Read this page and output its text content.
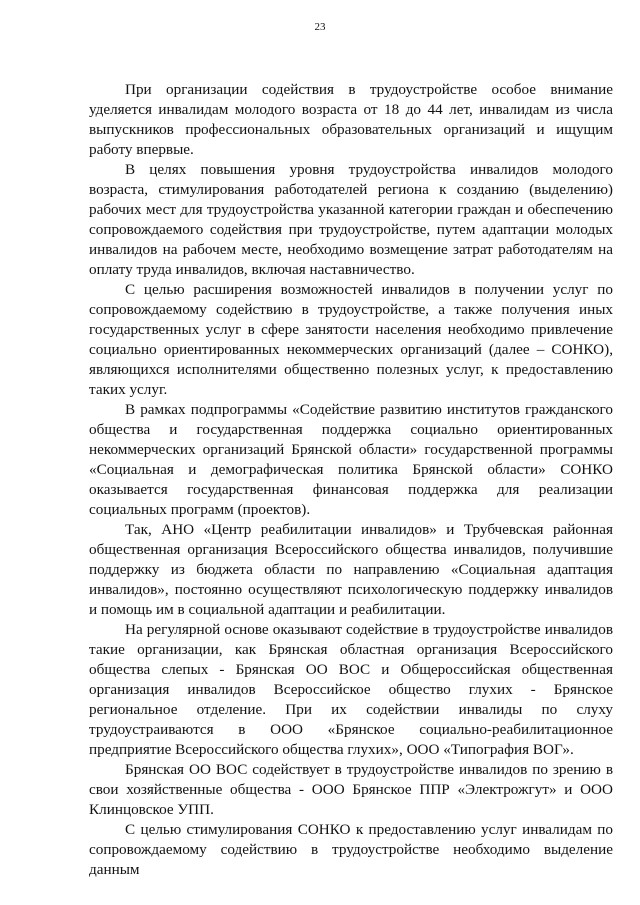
23

При организации содействия в трудоустройстве особое внимание уделяется инвалидам молодого возраста от 18 до 44 лет, инвалидам из числа выпускников профессиональных образовательных организаций и ищущим работу впервые.

В целях повышения уровня трудоустройства инвалидов молодого возраста, стимулирования работодателей региона к созданию (выделению) рабочих мест для трудоустройства указанной категории граждан и обеспечению сопровождаемого содействия при трудоустройстве, путем адаптации молодых инвалидов на рабочем месте, необходимо возмещение затрат работодателям на оплату труда инвалидов, включая наставничество.

С целью расширения возможностей инвалидов в получении услуг по сопровождаемому содействию в трудоустройстве, а также получения иных государственных услуг в сфере занятости населения необходимо привлечение социально ориентированных некоммерческих организаций (далее – СОНКО), являющихся исполнителями общественно полезных услуг, к предоставлению таких услуг.

В рамках подпрограммы «Содействие развитию институтов гражданского общества и государственная поддержка социально ориентированных некоммерческих организаций Брянской области» государственной программы «Социальная и демографическая политика Брянской области» СОНКО оказывается государственная финансовая поддержка для реализации социальных программ (проектов).

Так, АНО «Центр реабилитации инвалидов» и Трубчевская районная общественная организация Всероссийского общества инвалидов, получившие поддержку из бюджета области по направлению «Социальная адаптация инвалидов», постоянно осуществляют психологическую поддержку инвалидов и помощь им в социальной адаптации и реабилитации.

На регулярной основе оказывают содействие в трудоустройстве инвалидов такие организации, как Брянская областная организация Всероссийского общества слепых - Брянская ОО ВОС и Общероссийская общественная организация инвалидов Всероссийское общество глухих - Брянское региональное отделение. При их содействии инвалиды по слуху трудоустраиваются в ООО «Брянское социально-реабилитационное предприятие Всероссийского общества глухих», ООО «Типография ВОГ».

Брянская ОО ВОС содействует в трудоустройстве инвалидов по зрению в свои хозяйственные общества - ООО Брянское ППР «Электрожгут» и ООО Клинцовское УПП.

С целью стимулирования СОНКО к предоставлению услуг инвалидам по сопровождаемому содействию в трудоустройстве необходимо выделение данным
